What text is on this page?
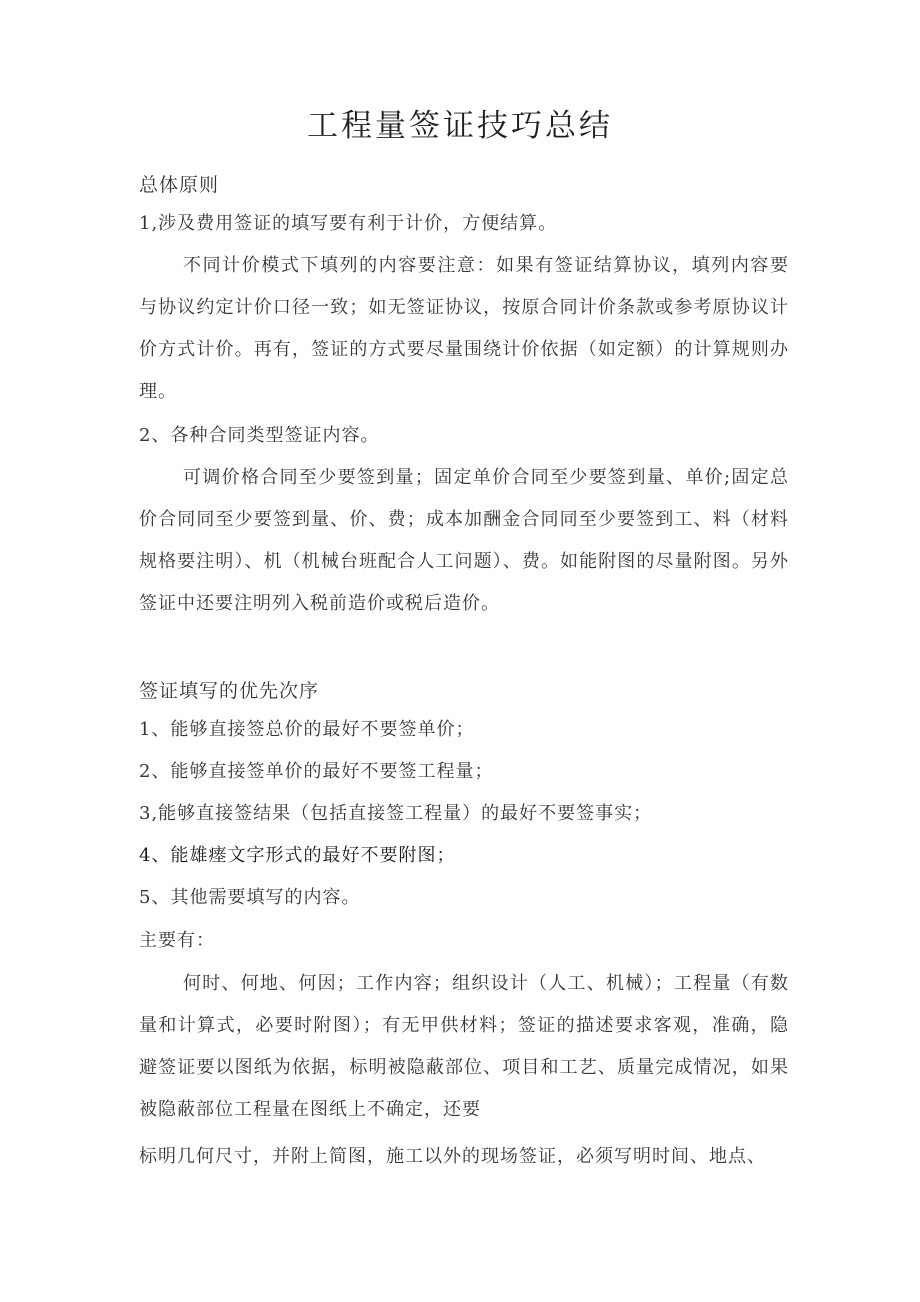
工程量签证技巧总结
总体原则

1,涉及费用签证的填写要有利于计价，方便结算。

不同计价模式下填列的内容要注意：如果有签证结算协议，填列内容要与协议约定计价口径一致；如无签证协议，按原合同计价条款或参考原协议计价方式计价。再有，签证的方式要尽量围绕计价依据（如定额）的计算规则办理。

2、各种合同类型签证内容。

可调价格合同至少要签到量；固定单价合同至少要签到量、单价;固定总价合同同至少要签到量、价、费；成本加酬金合同同至少要签到工、料（材料规格要注明）、机（机械台班配合人工问题）、费。如能附图的尽量附图。另外签证中还要注明列入税前造价或税后造价。

签证填写的优先次序

1、能够直接签总价的最好不要签单价；

2、能够直接签单价的最好不要签工程量；

3,能够直接签结果（包括直接签工程量）的最好不要签事实；

4、能雄瘗文字形式的最好不要附图；

5、其他需要填写的内容。

主要有：

何时、何地、何因；工作内容；组织设计（人工、机械）；工程量（有数量和计算式，必要时附图）；有无甲供材料；签证的描述要求客观，准确，隐避签证要以图纸为依据，标明被隐蔽部位、项目和工艺、质量完成情况，如果被隐蔽部位工程量在图纸上不确定，还要

标明几何尺寸，并附上简图，施工以外的现场签证，必须写明时间、地点、
